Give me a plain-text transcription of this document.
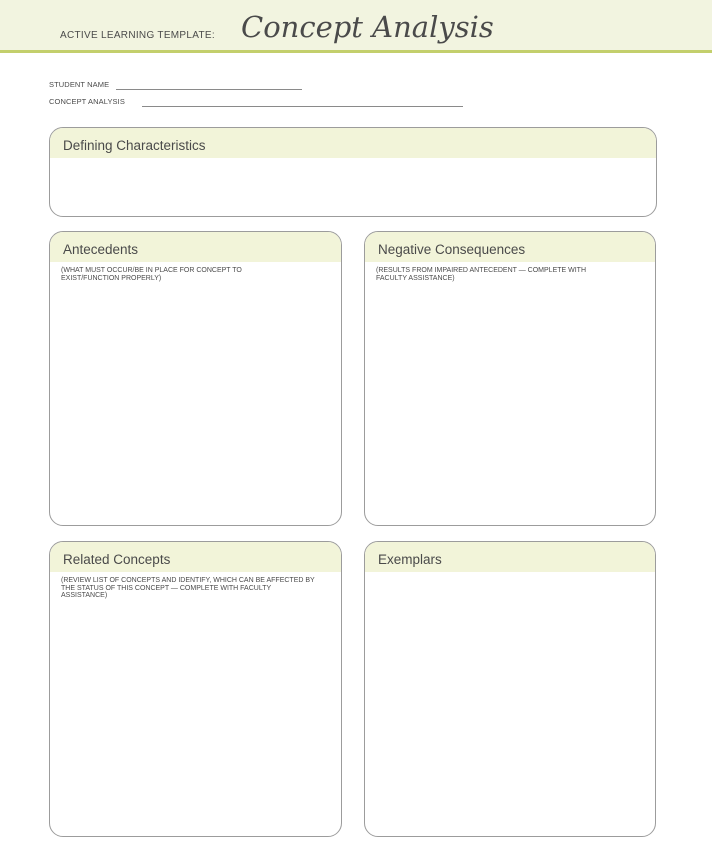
ACTIVE LEARNING TEMPLATE: Concept Analysis
STUDENT NAME
CONCEPT ANALYSIS
Defining Characteristics
Antecedents
(WHAT MUST OCCUR/BE IN PLACE FOR CONCEPT TO EXIST/FUNCTION PROPERLY)
Negative Consequences
(RESULTS FROM IMPAIRED ANTECEDENT — COMPLETE WITH FACULTY ASSISTANCE)
Related Concepts
(REVIEW LIST OF CONCEPTS AND IDENTIFY, WHICH CAN BE AFFECTED BY THE STATUS OF THIS CONCEPT — COMPLETE WITH FACULTY ASSISTANCE)
Exemplars
